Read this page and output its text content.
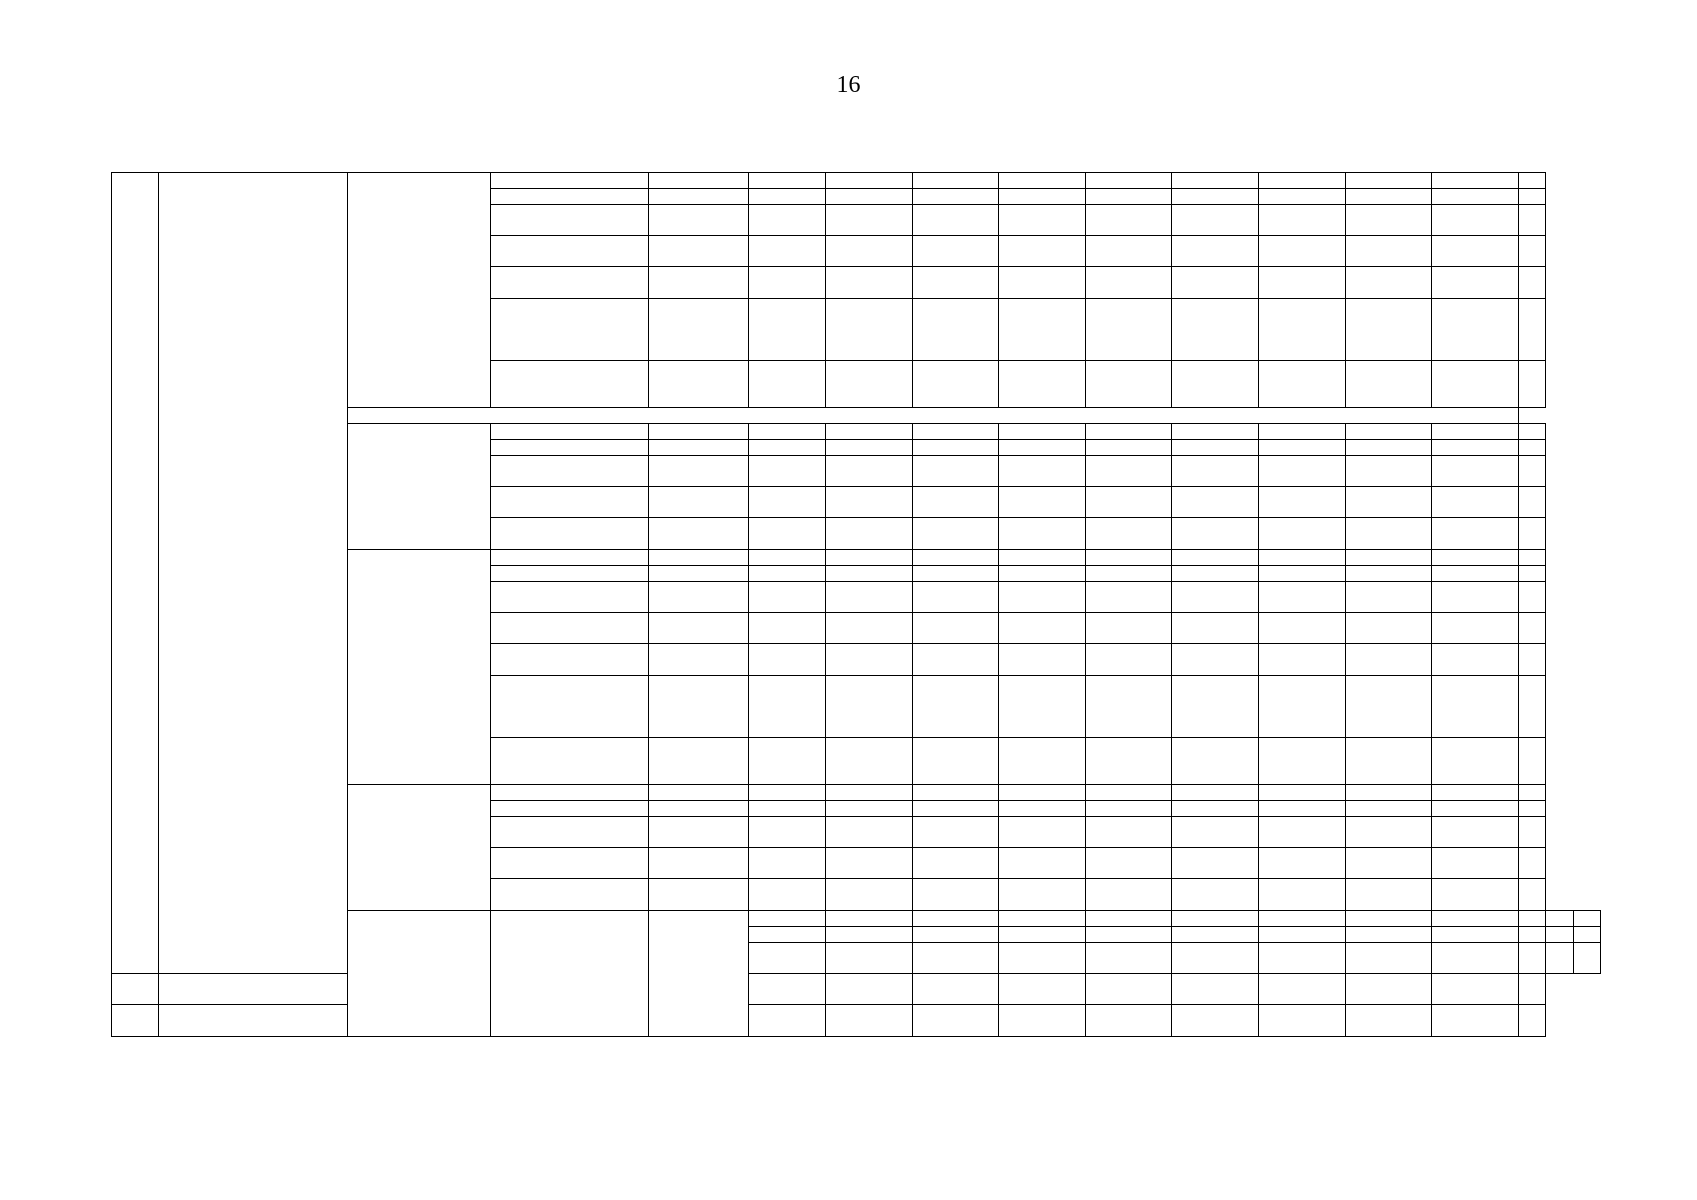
16
